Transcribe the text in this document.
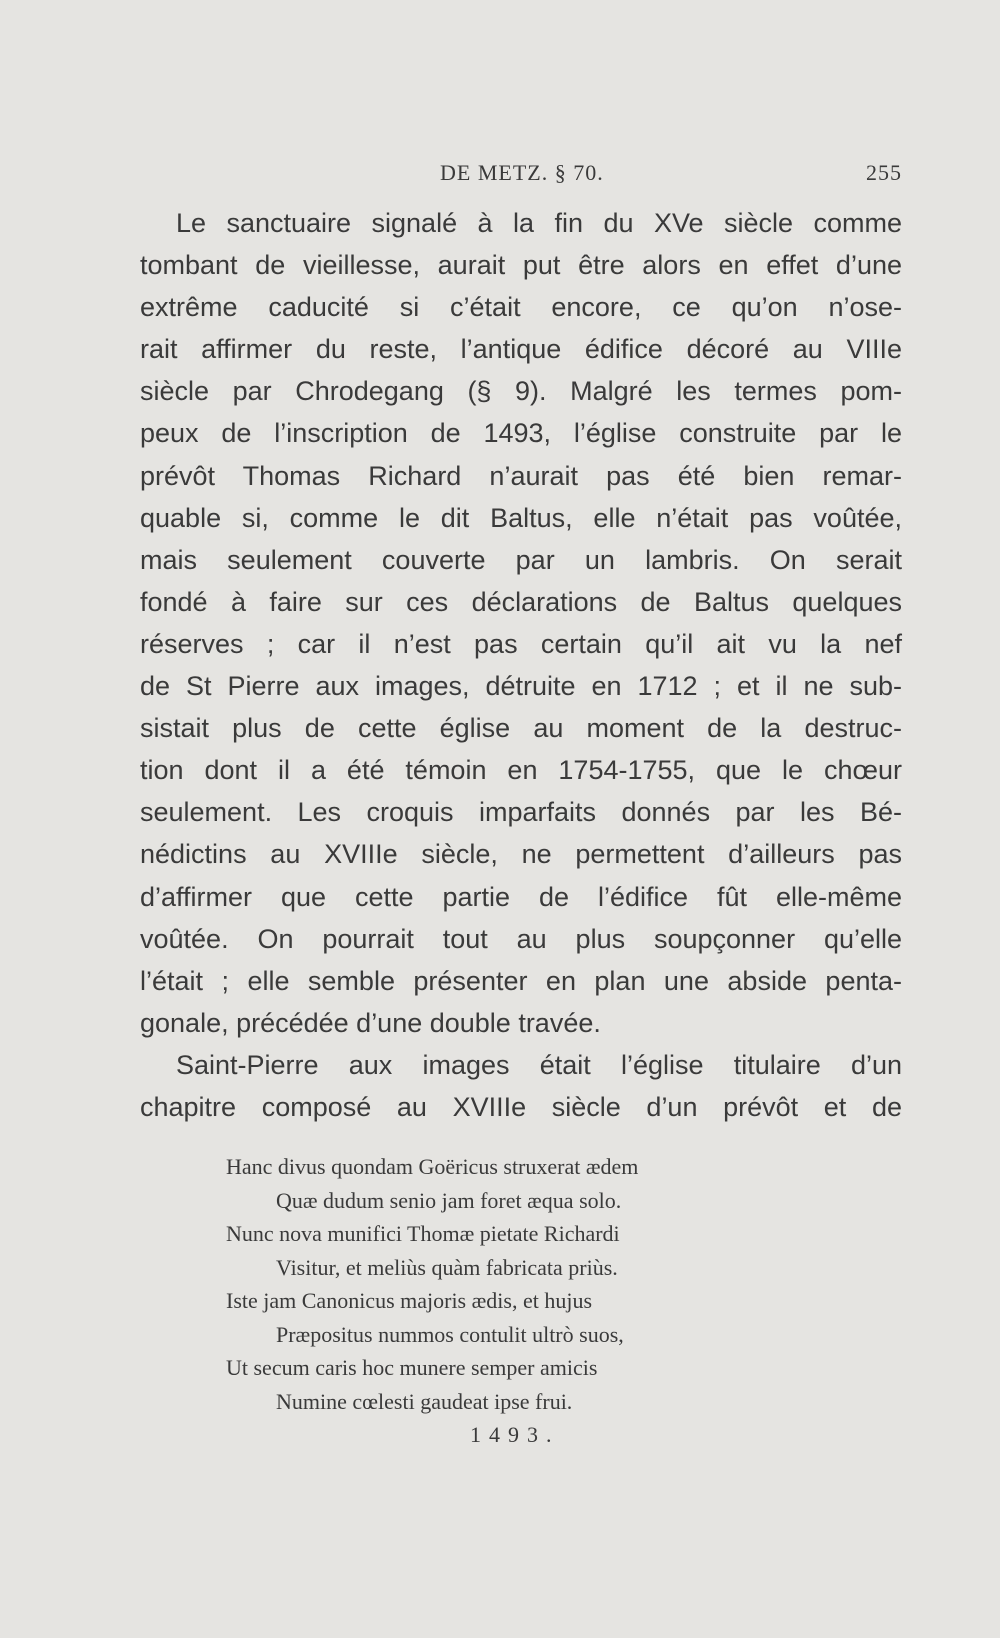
DE METZ. § 70.	255
Le sanctuaire signalé à la fin du XVe siècle comme
tombant de vieillesse, aurait put être alors en effet d’une
extrême caducité si c’était encore, ce qu’on n’ose-
rait affirmer du reste, l’antique édifice décoré au VIIIe
siècle par Chrodegang (§ 9). Malgré les termes pom-
peux de l’inscription de 1493, l’église construite par le
prévôt Thomas Richard n’aurait pas été bien remar-
quable si, comme le dit Baltus, elle n’était pas voûtée,
mais seulement couverte par un lambris. On serait
fondé à faire sur ces déclarations de Baltus quelques
réserves ; car il n’est pas certain qu’il ait vu la nef
de St Pierre aux images, détruite en 1712 ; et il ne sub-
sistait plus de cette église au moment de la destruc-
tion dont il a été témoin en 1754-1755, que le chœur
seulement. Les croquis imparfaits donnés par les Bé-
nédictins au XVIIIe siècle, ne permettent d’ailleurs pas
d’affirmer que cette partie de l’édifice fût elle-même
voûtée. On pourrait tout au plus soupçonner qu’elle
l’était ; elle semble présenter en plan une abside penta-
gonale, précédée d’une double travée.
Saint-Pierre aux images était l’église titulaire d’un
chapitre composé au XVIIIe siècle d’un prévôt et de
Hanc divus quondam Goëricus struxerat ædem
Quæ dudum senio jam foret æqua solo.
Nunc nova munifici Thomæ pietate Richardi
Visitur, et meliùs quàm fabricata priùs.
Iste jam Canonicus majoris ædis, et hujus
Præpositus nummos contulit ultrò suos,
Ut secum caris hoc munere semper amicis
Numine cœlesti gaudeat ipse frui.
1493.
